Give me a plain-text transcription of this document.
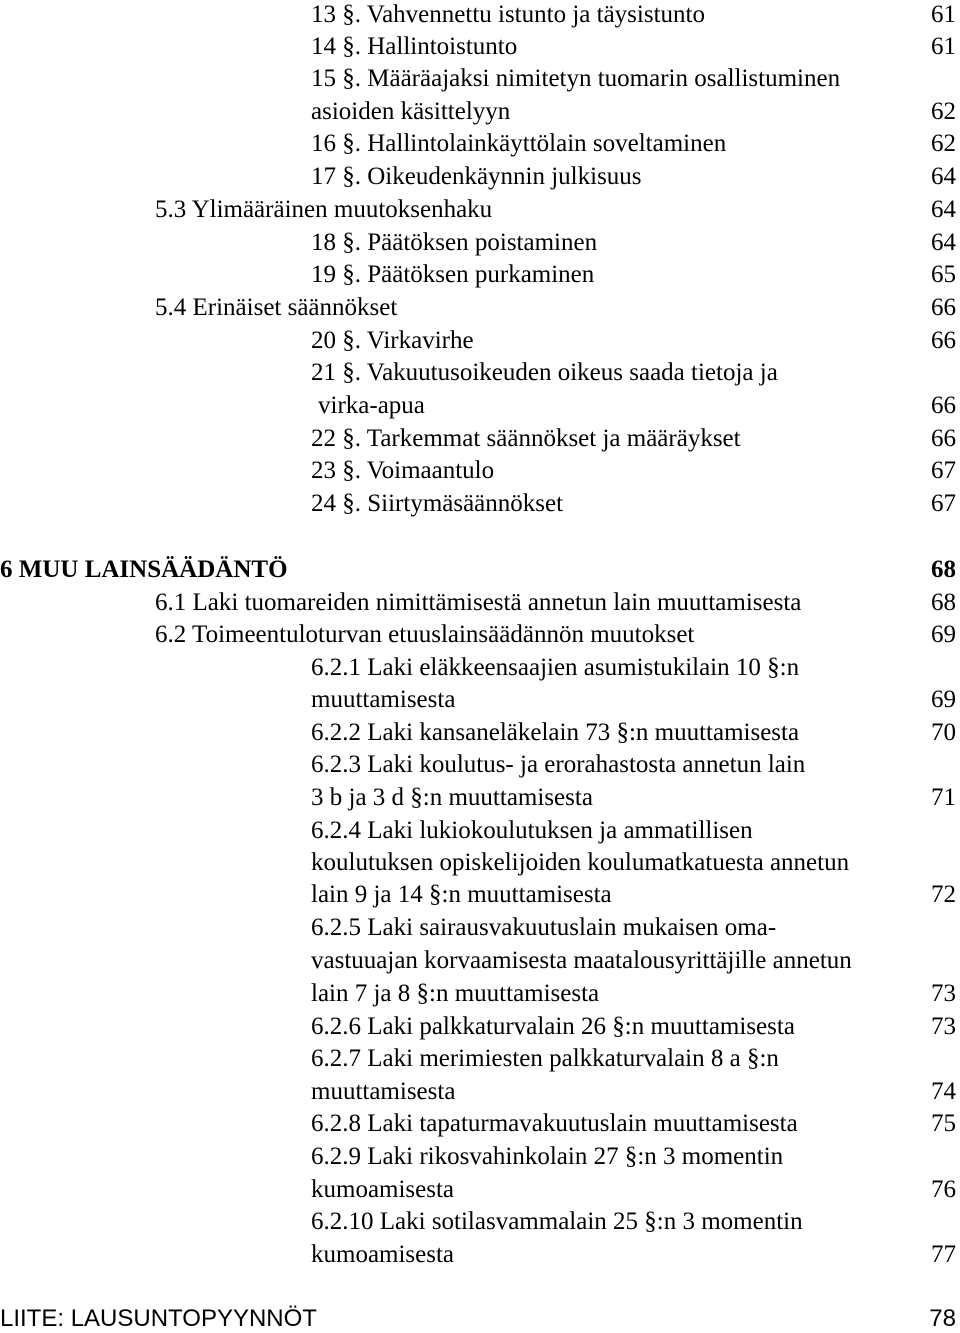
13 §. Vahvennettu istunto ja täysistunto	61
14 §. Hallintoistunto	61
15 §. Määräajaksi nimitetyn tuomarin osallistuminen
asioiden käsittelyyn	62
16 §. Hallintolainkäyttölain soveltaminen	62
17 §. Oikeudenkäynnin julkisuus	64
5.3 Ylimääräinen muutoksenhaku	64
18 §. Päätöksen poistaminen	64
19 §. Päätöksen purkaminen	65
5.4 Erinäiset säännökset	66
20 §. Virkavirhe	66
21 §. Vakuutusoikeuden oikeus saada tietoja ja
virka-apua	66
22 §. Tarkemmat säännökset ja määräykset	66
23 §. Voimaantulo	67
24 §. Siirtymäsäännökset	67
6 MUU LAINSÄÄDÄNTÖ	68
6.1 Laki tuomareiden nimittämisestä annetun lain muuttamisesta	68
6.2 Toimeentuloturvan etuuslainsäädännön muutokset	69
6.2.1 Laki eläkkeensaajien asumistukilain 10 §:n
muuttamisesta	69
6.2.2 Laki kansaneläkelain 73 §:n muuttamisesta	70
6.2.3 Laki koulutus- ja erorahastosta annetun lain
3 b ja 3 d §:n muuttamisesta	71
6.2.4 Laki lukiokoulutuksen ja ammatillisen
koulutuksen opiskelijoiden koulumatkatuesta annetun
lain 9 ja 14 §:n muuttamisesta	72
6.2.5 Laki sairausvakuutuslain mukaisen oma-
vastuuajan korvaamisesta maatalousyrittäjille annetun
lain 7 ja 8 §:n muuttamisesta	73
6.2.6 Laki palkkaturvalain 26 §:n muuttamisesta	73
6.2.7 Laki merimiesten palkkaturvalain 8 a §:n
muuttamisesta	74
6.2.8 Laki tapaturmavakuutuslain muuttamisesta	75
6.2.9 Laki rikosvahinkolain 27 §:n 3 momentin
kumoamisesta	76
6.2.10 Laki sotilasvammalain 25 §:n 3 momentin
kumoamisesta	77
LIITE: LAUSUNTOPYYNNÖT	78
